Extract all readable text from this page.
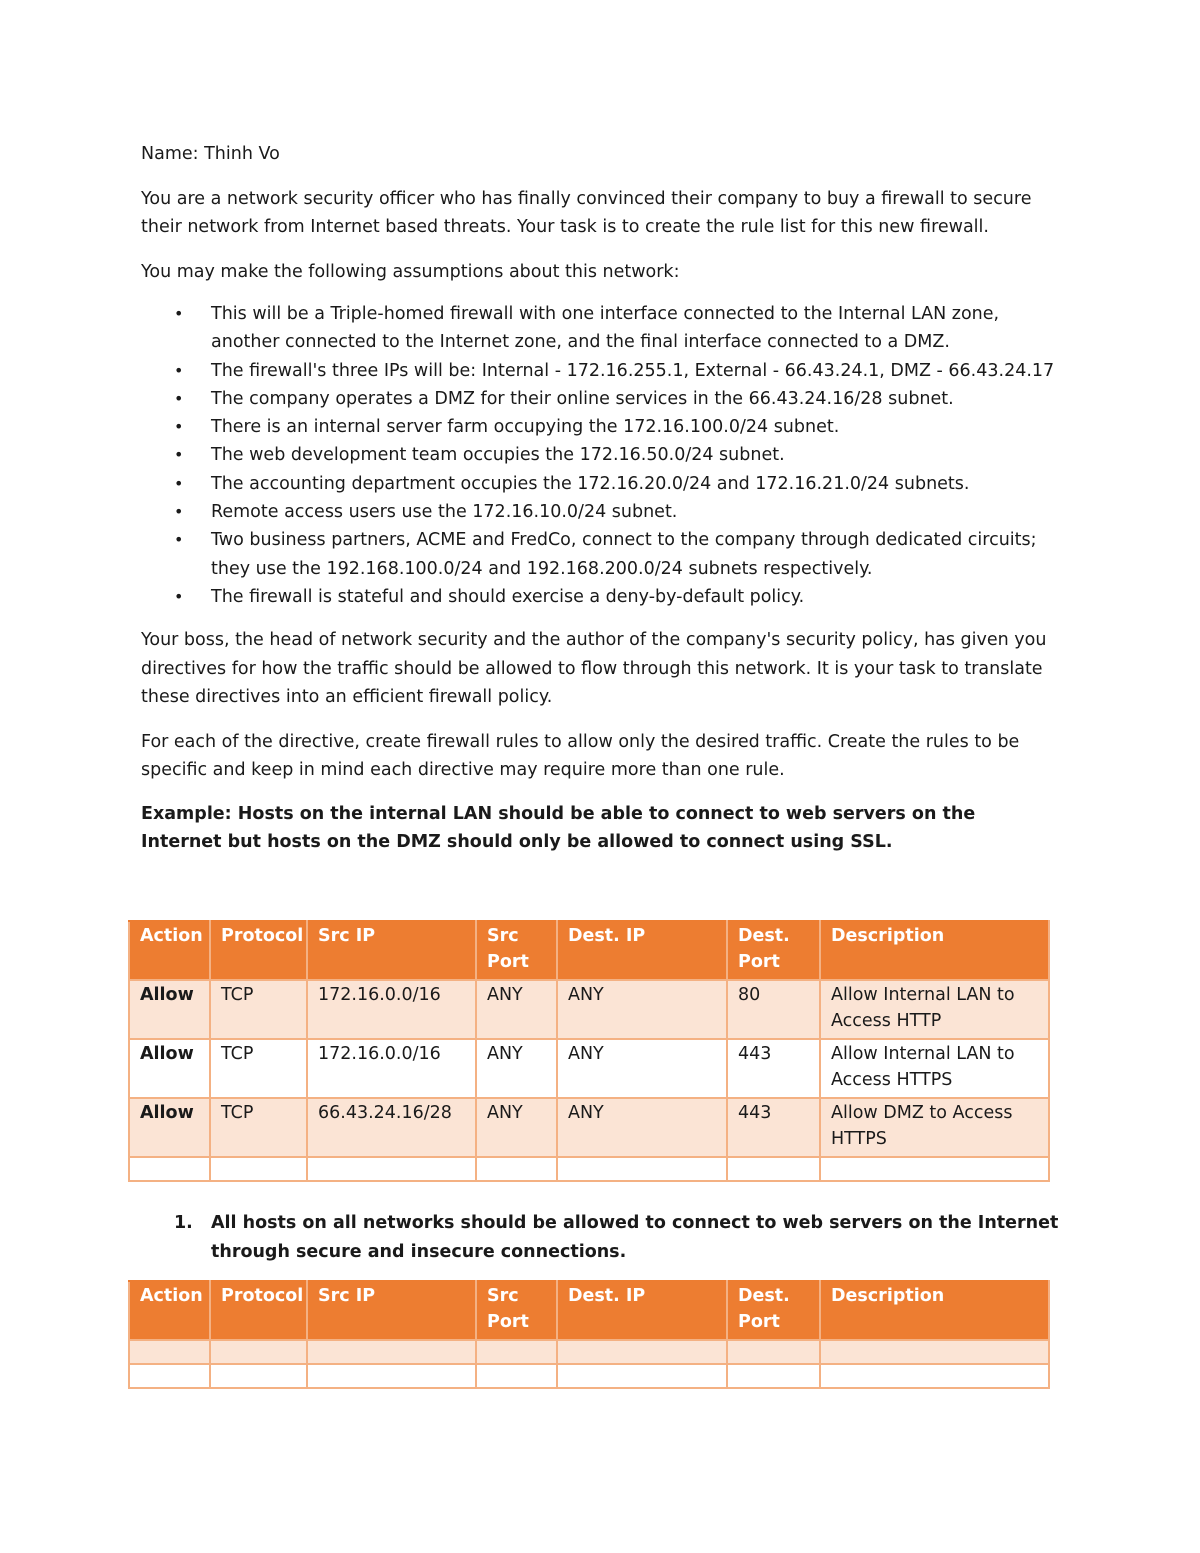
Name: Thinh Vo

You are a network security officer who has finally convinced their company to buy a firewall to secure their network from Internet based threats. Your task is to create the rule list for this new firewall.

You may make the following assumptions about this network:

• This will be a Triple-homed firewall with one interface connected to the Internal LAN zone, another connected to the Internet zone, and the final interface connected to a DMZ.
• The firewall's three IPs will be: Internal - 172.16.255.1, External - 66.43.24.1, DMZ - 66.43.24.17
• The company operates a DMZ for their online services in the 66.43.24.16/28 subnet.
• There is an internal server farm occupying the 172.16.100.0/24 subnet.
• The web development team occupies the 172.16.50.0/24 subnet.
• The accounting department occupies the 172.16.20.0/24 and 172.16.21.0/24 subnets.
• Remote access users use the 172.16.10.0/24 subnet.
• Two business partners, ACME and FredCo, connect to the company through dedicated circuits; they use the 192.168.100.0/24 and 192.168.200.0/24 subnets respectively.
• The firewall is stateful and should exercise a deny-by-default policy.

Your boss, the head of network security and the author of the company's security policy, has given you directives for how the traffic should be allowed to flow through this network. It is your task to translate these directives into an efficient firewall policy.

For each of the directive, create firewall rules to allow only the desired traffic. Create the rules to be specific and keep in mind each directive may require more than one rule.

Example: Hosts on the internal LAN should be able to connect to web servers on the Internet but hosts on the DMZ should only be allowed to connect using SSL.

Action	Protocol	Src IP	Src Port	Dest. IP	Dest. Port	Description
Allow	TCP	172.16.0.0/16	ANY	ANY	80	Allow Internal LAN to Access HTTP
Allow	TCP	172.16.0.0/16	ANY	ANY	443	Allow Internal LAN to Access HTTPS
Allow	TCP	66.43.24.16/28	ANY	ANY	443	Allow DMZ to Access HTTPS

1.	All hosts on all networks should be allowed to connect to web servers on the Internet through secure and insecure connections.
Action	Protocol	Src IP	Src Port	Dest. IP	Dest. Port	Description
